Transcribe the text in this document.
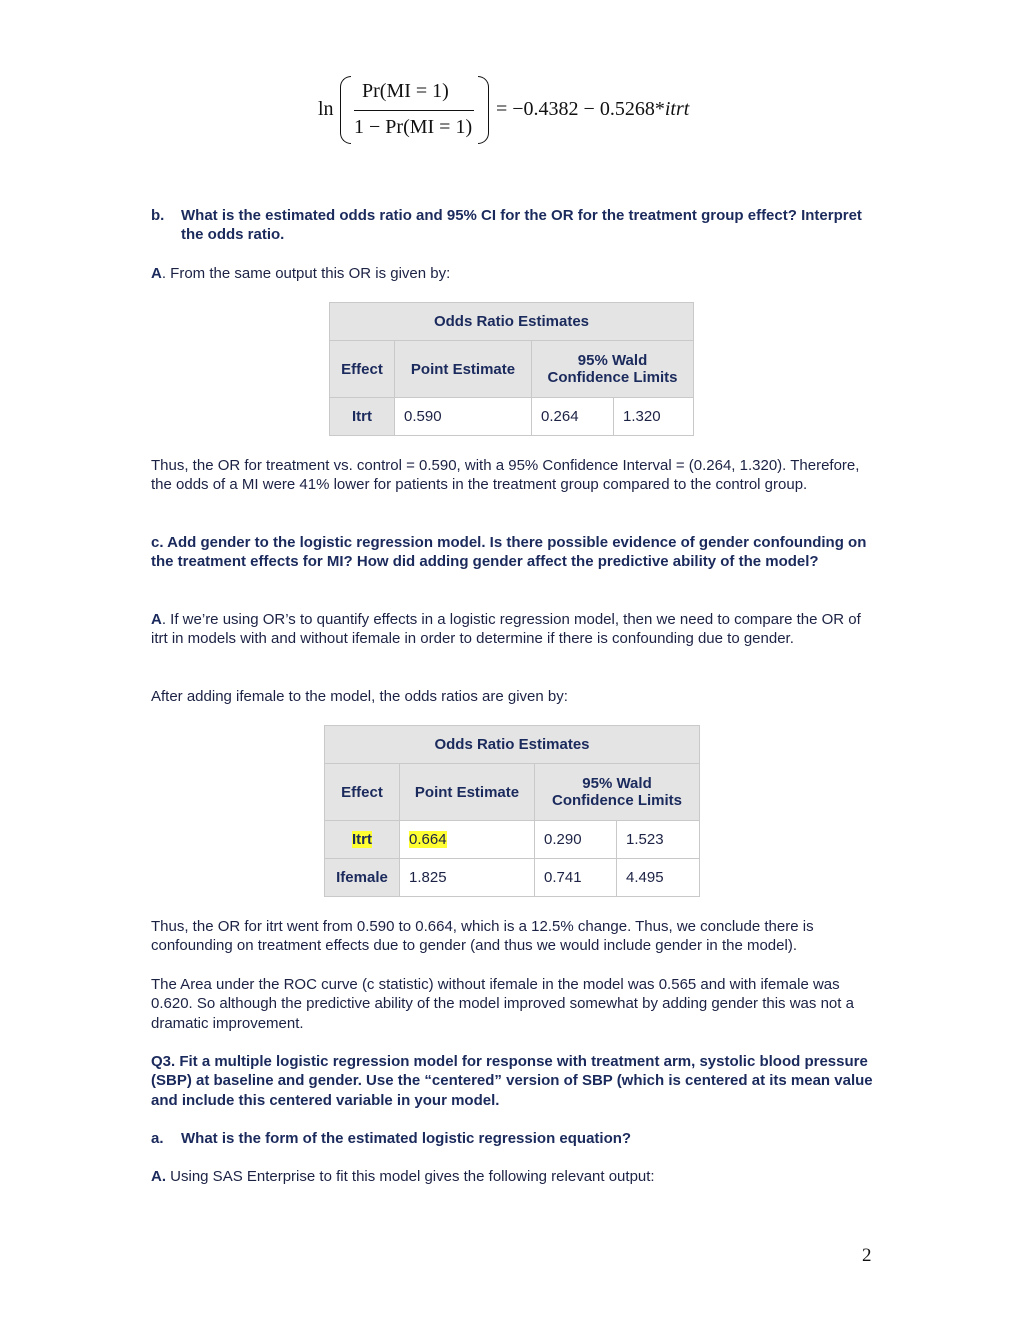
ln
Pr(MI = 1)
1 − Pr(MI = 1)
= −0.4382 − 0.5268*itrt
b. What is the estimated odds ratio and 95% CI for the OR for the treatment group effect? Interpret the odds ratio.
A. From the same output this OR is given by:
Odds Ratio Estimates			
Effect	Point Estimate	95% Wald Confidence Limits	
Itrt	0.590	0.264	1.320
Thus, the OR for treatment vs. control = 0.590, with a 95% Confidence Interval = (0.264, 1.320). Therefore, the odds of a MI were 41% lower for patients in the treatment group compared to the control group.
c. Add gender to the logistic regression model. Is there possible evidence of gender confounding on the treatment effects for MI? How did adding gender affect the predictive ability of the model?
A. If we’re using OR’s to quantify effects in a logistic regression model, then we need to compare the OR of itrt in models with and without ifemale in order to determine if there is confounding due to gender.
After adding ifemale to the model, the odds ratios are given by:
Odds Ratio Estimates			
Effect	Point Estimate	95% Wald Confidence Limits	
Itrt	0.664	0.290	1.523
Ifemale	1.825	0.741	4.495
Thus, the OR for itrt went from 0.590 to 0.664, which is a 12.5% change. Thus, we conclude there is confounding on treatment effects due to gender (and thus we would include gender in the model).
The Area under the ROC curve (c statistic) without ifemale in the model was 0.565 and with ifemale was 0.620. So although the predictive ability of the model improved somewhat by adding gender this was not a dramatic improvement.
Q3. Fit a multiple logistic regression model for response with treatment arm, systolic blood pressure (SBP) at baseline and gender. Use the “centered” version of SBP (which is centered at its mean value and include this centered variable in your model.
a. What is the form of the estimated logistic regression equation?
A. Using SAS Enterprise to fit this model gives the following relevant output:
2
